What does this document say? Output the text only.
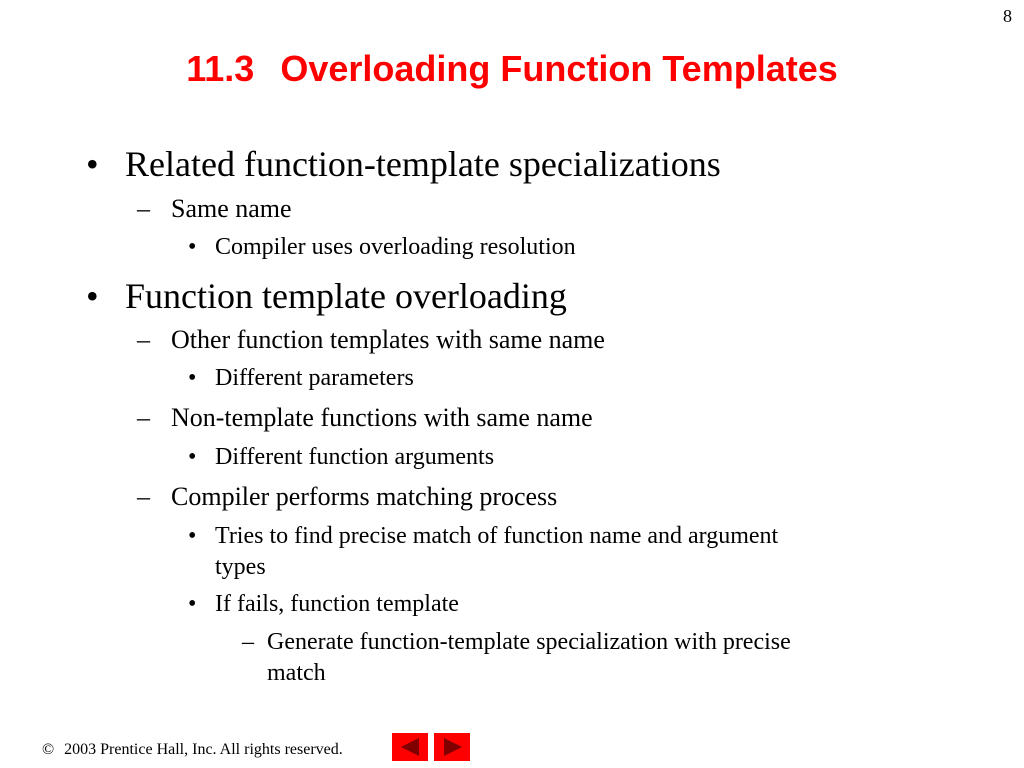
8
11.3 Overloading Function Templates
• Related function-template specializations
– Same name
• Compiler uses overloading resolution
• Function template overloading
– Other function templates with same name
• Different parameters
– Non-template functions with same name
• Different function arguments
– Compiler performs matching process
• Tries to find precise match of function name and argument
types
• If fails, function template
– Generate function-template specialization with precise
match
© 2003 Prentice Hall, Inc. All rights reserved.
